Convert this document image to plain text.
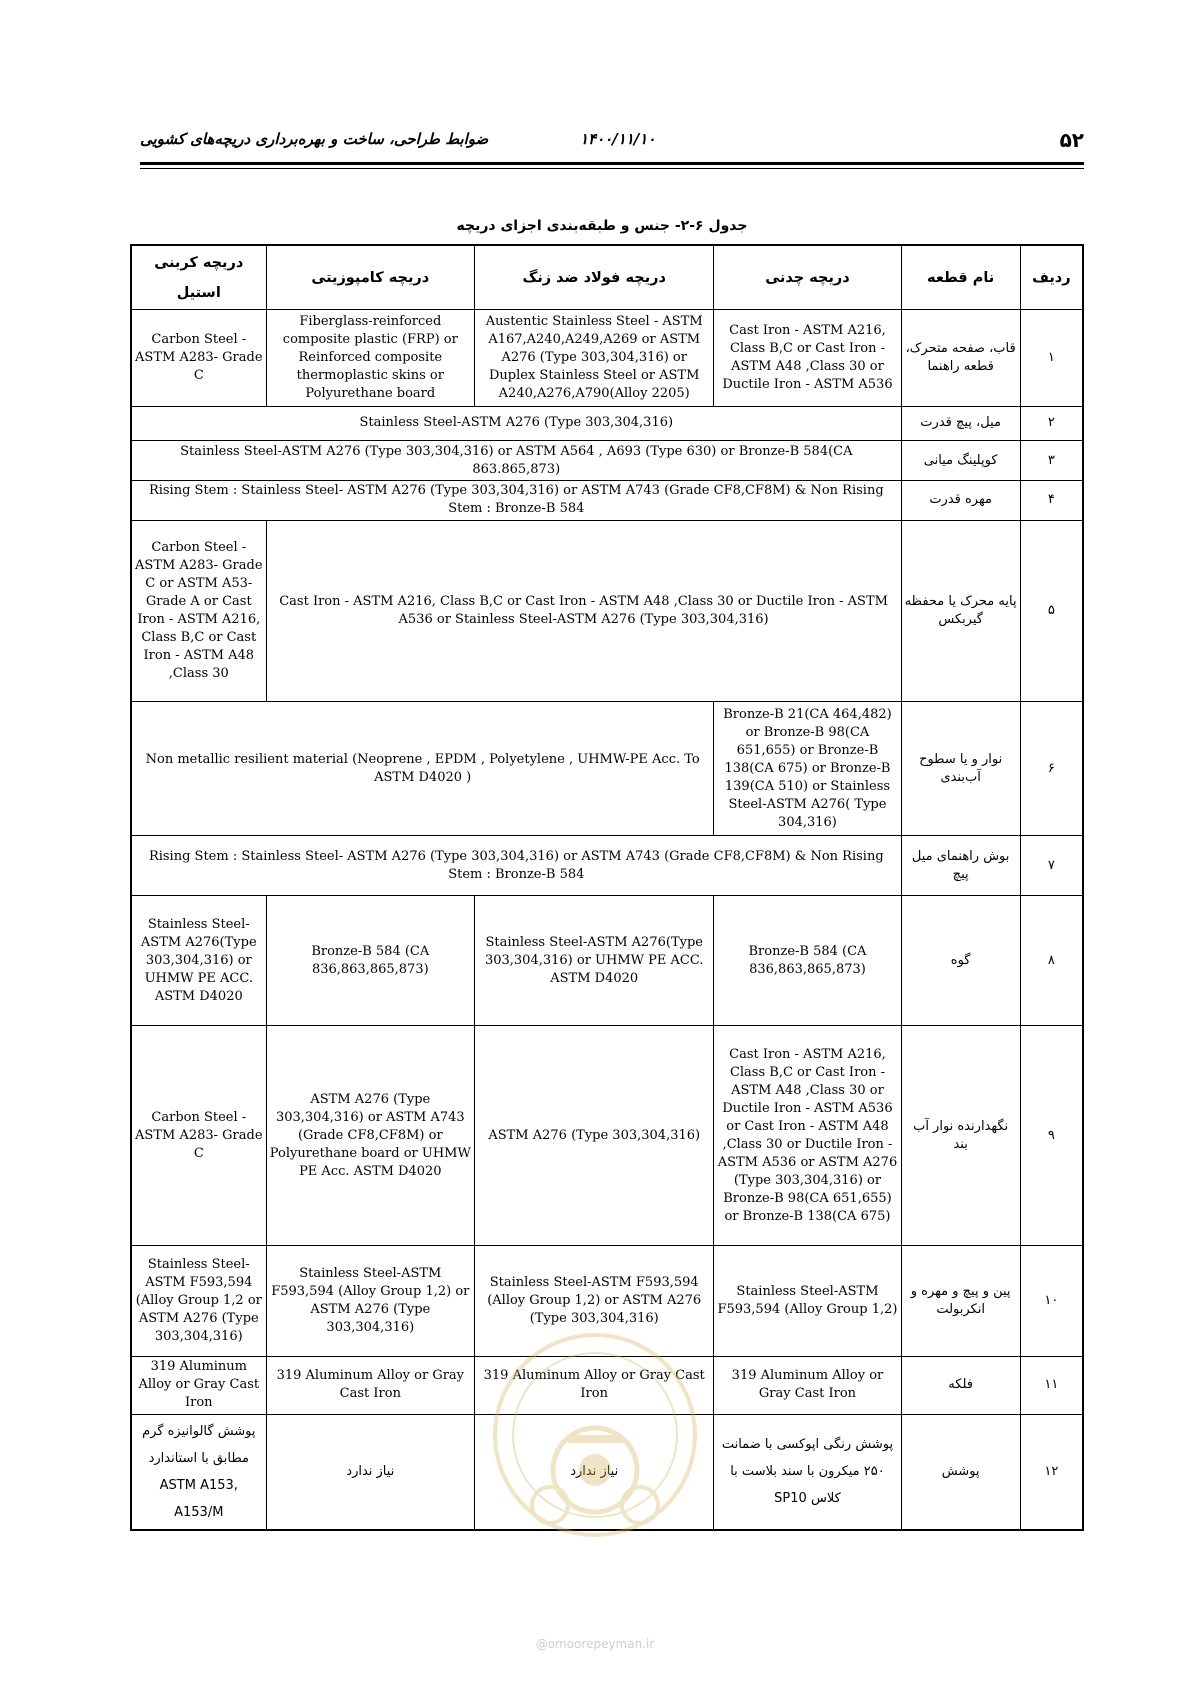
۵۲
۱۴۰۰/۱۱/۱۰
ضوابط طراحی، ساخت و بهره‌برداری دریچه‌های کشویی
جدول ۶-۲- جنس و طبقه‌بندی اجزای دریچه
دریچه کربنی استیل	دریچه کامپوزیتی	دریچه فولاد ضد زنگ	دریچه چدنی	نام قطعه	ردیف
Carbon Steel - ASTM A283- Grade C	Fiberglass-reinforced composite plastic (FRP) or Reinforced composite thermoplastic skins or Polyurethane board	Austentic Stainless Steel - ASTM A167,A240,A249,A269 or ASTM A276 (Type 303,304,316) or Duplex Stainless Steel or ASTM A240,A276,A790(Alloy 2205)	Cast Iron - ASTM A216, Class B,C or Cast Iron - ASTM A48 ,Class 30 or Ductile Iron - ASTM A536	قاب، صفحه متحرک، قطعه راهنما	۱
Stainless Steel-ASTM A276 (Type 303,304,316)				میل، پیچ قدرت	۲
Stainless Steel-ASTM A276 (Type 303,304,316) or ASTM A564 , A693 (Type 630) or Bronze-B 584(CA 863.865,873)				کوپلینگ میانی	۳
Rising Stem : Stainless Steel- ASTM A276 (Type 303,304,316) or ASTM A743 (Grade CF8,CF8M) & Non Rising Stem : Bronze-B 584				مهره قدرت	۴
Carbon Steel - ASTM A283- Grade C or ASTM A53- Grade A or Cast Iron - ASTM A216, Class B,C or Cast Iron - ASTM A48 ,Class 30	Cast Iron - ASTM A216, Class B,C or Cast Iron - ASTM A48 ,Class 30 or Ductile Iron - ASTM A536 or Stainless Steel-ASTM A276 (Type 303,304,316)			پایه محرک یا محفظه گیربکس	۵
Non metallic resilient material (Neoprene , EPDM , Polyetylene , UHMW-PE Acc. To ASTM D4020 )			Bronze-B 21(CA 464,482) or Bronze-B 98(CA 651,655) or Bronze-B 138(CA 675) or Bronze-B 139(CA 510) or Stainless Steel-ASTM A276( Type 304,316)	نوار و یا سطوح آب‌بندی	۶
Rising Stem : Stainless Steel- ASTM A276 (Type 303,304,316) or ASTM A743 (Grade CF8,CF8M) & Non Rising Stem : Bronze-B 584				بوش راهنمای میل پیچ	۷
Stainless Steel-ASTM A276(Type 303,304,316) or UHMW PE ACC. ASTM D4020	Bronze-B 584 (CA 836,863,865,873)	Stainless Steel-ASTM A276(Type 303,304,316) or UHMW PE ACC. ASTM D4020	Bronze-B 584 (CA 836,863,865,873)	گوه	۸
Carbon Steel - ASTM A283- Grade C	ASTM A276 (Type 303,304,316) or ASTM A743 (Grade CF8,CF8M) or Polyurethane board or UHMW PE Acc. ASTM D4020	ASTM A276 (Type 303,304,316)	Cast Iron - ASTM A216, Class B,C or Cast Iron - ASTM A48 ,Class 30 or Ductile Iron - ASTM A536 or Cast Iron - ASTM A48 ,Class 30 or Ductile Iron - ASTM A536 or ASTM A276 (Type 303,304,316) or Bronze-B 98(CA 651,655) or Bronze-B 138(CA 675)	نگهدارنده نوار آب بند	۹
Stainless Steel-ASTM F593,594 (Alloy Group 1,2 or ASTM A276 (Type 303,304,316)	Stainless Steel-ASTM F593,594 (Alloy Group 1,2) or ASTM A276 (Type 303,304,316)	Stainless Steel-ASTM F593,594 (Alloy Group 1,2) or ASTM A276 (Type 303,304,316)	Stainless Steel-ASTM F593,594 (Alloy Group 1,2)	پین و پیچ و مهره و انکربولت	۱۰
319 Aluminum Alloy or Gray Cast Iron	319 Aluminum Alloy or Gray Cast Iron	319 Aluminum Alloy or Gray Cast Iron	319 Aluminum Alloy or Gray Cast Iron	فلکه	۱۱
پوشش گالوانیزه گرم مطابق با استاندارد ASTM A153, A153/M	نیاز ندارد	نیاز ندارد	پوشش رنگی اپوکسی با ضمانت ۲۵۰ میکرون با سند بلاست با کلاس SP10	پوشش	۱۲
@omoorepeyman.ir
